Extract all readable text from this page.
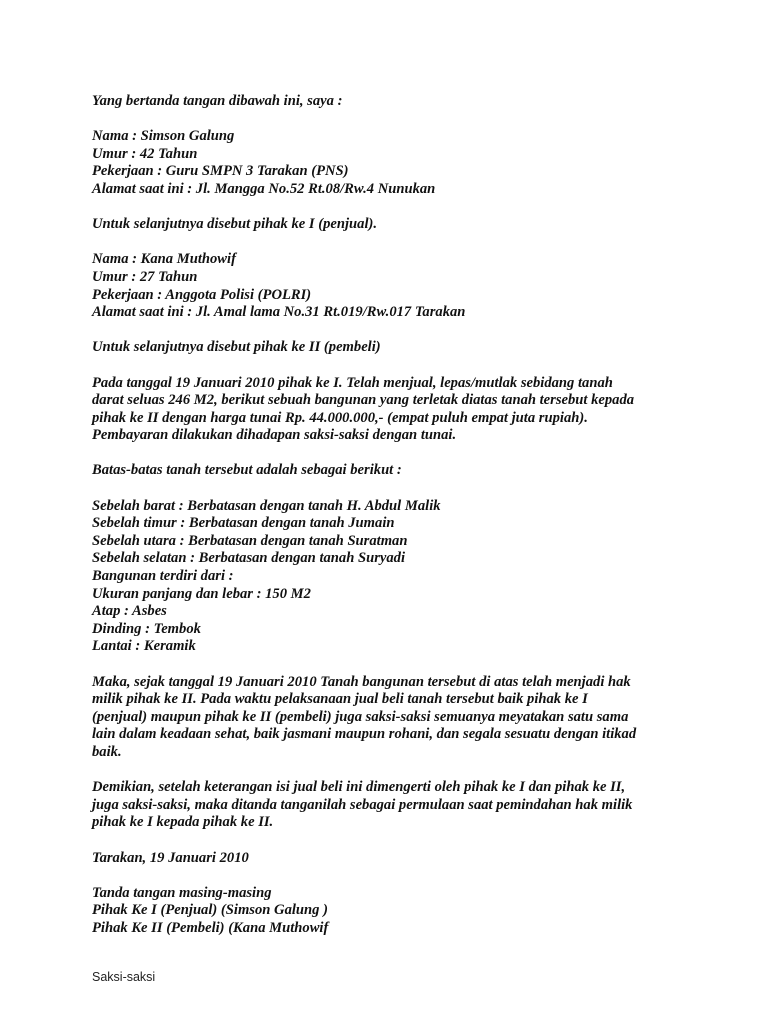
Yang bertanda tangan dibawah ini, saya :
Nama : Simson Galung
Umur : 42 Tahun
Pekerjaan : Guru SMPN 3 Tarakan (PNS)
Alamat saat ini : Jl. Mangga No.52 Rt.08/Rw.4 Nunukan
Untuk selanjutnya disebut pihak ke I (penjual).
Nama : Kana Muthowif
Umur : 27 Tahun
Pekerjaan : Anggota Polisi (POLRI)
Alamat saat ini : Jl. Amal lama No.31 Rt.019/Rw.017 Tarakan
Untuk selanjutnya disebut pihak ke II (pembeli)
Pada tanggal 19 Januari 2010 pihak ke I. Telah menjual, lepas/mutlak sebidang tanah
darat seluas 246 M2, berikut sebuah bangunan yang terletak diatas tanah tersebut kepada
pihak ke II dengan harga tunai Rp. 44.000.000,- (empat puluh empat juta rupiah).
Pembayaran dilakukan dihadapan saksi-saksi dengan tunai.
Batas-batas tanah tersebut adalah sebagai berikut :
Sebelah barat : Berbatasan dengan tanah H. Abdul Malik
Sebelah timur : Berbatasan dengan tanah Jumain
Sebelah utara : Berbatasan dengan tanah Suratman
Sebelah selatan : Berbatasan dengan tanah Suryadi
Bangunan terdiri dari :
Ukuran panjang dan lebar : 150 M2
Atap : Asbes
Dinding : Tembok
Lantai : Keramik
Maka, sejak tanggal 19 Januari 2010 Tanah bangunan tersebut di atas telah menjadi hak
milik pihak ke II. Pada waktu pelaksanaan jual beli tanah tersebut baik pihak ke I
(penjual) maupun pihak ke II (pembeli) juga saksi-saksi semuanya meyatakan satu sama
lain dalam keadaan sehat, baik jasmani maupun rohani, dan segala sesuatu dengan itikad
baik.
Demikian, setelah keterangan isi jual beli ini dimengerti oleh pihak ke I dan pihak ke II,
juga saksi-saksi, maka ditanda tanganilah sebagai permulaan saat pemindahan hak milik
pihak ke I kepada pihak ke II.
Tarakan, 19 Januari 2010
Tanda tangan masing-masing
Pihak Ke I (Penjual) (Simson Galung )
Pihak Ke II (Pembeli) (Kana Muthowif
Saksi-saksi
